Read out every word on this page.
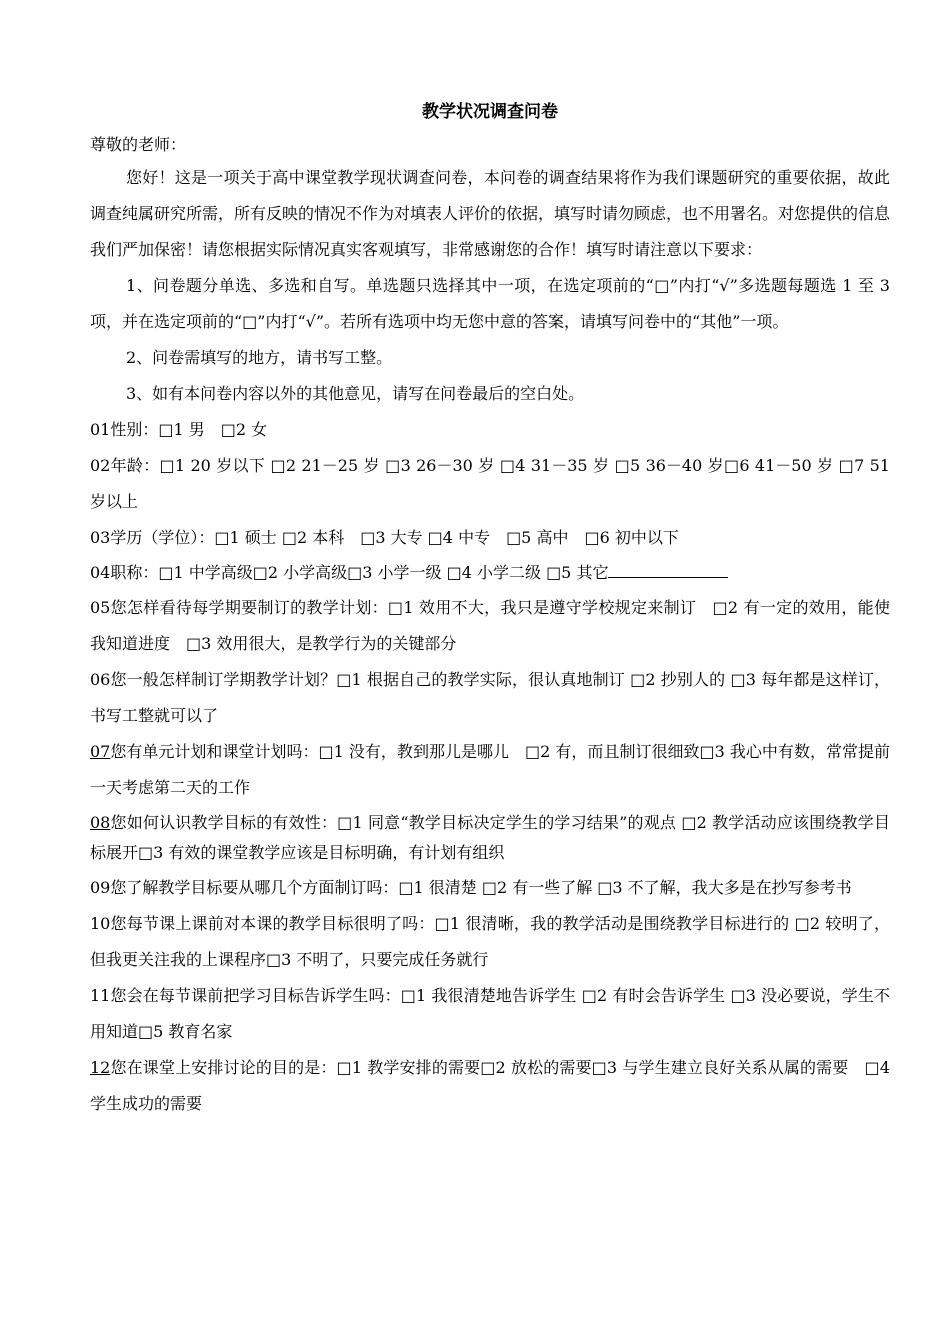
教学状况调查问卷

尊敬的老师：

您好！这是一项关于高中课堂教学现状调查问卷，本问卷的调查结果将作为我们课题研究的重要依据，故此调查纯属研究所需，所有反映的情况不作为对填表人评价的依据，填写时请勿顾虑，也不用署名。对您提供的信息我们严加保密！请您根据实际情况真实客观填写，非常感谢您的合作！填写时请注意以下要求：

1、问卷题分单选、多选和自写。单选题只选择其中一项，在选定项前的“□”内打“√”多选题每题选 1 至 3 项，并在选定项前的“□”内打“√”。若所有选项中均无您中意的答案，请填写问卷中的“其他”一项。

2、问卷需填写的地方，请书写工整。

3、如有本问卷内容以外的其他意见，请写在问卷最后的空白处。

01性别：□1 男　□2 女

02年龄：□1 20 岁以下 □2 21－25 岁 □3 26－30 岁 □4 31－35 岁 □5 36－40 岁□6 41－50 岁 □7 51 岁以上

03学历（学位）：□1 硕士 □2 本科　□3 大专 □4 中专　□5 高中　□6 初中以下

04职称：□1 中学高级□2 小学高级□3 小学一级 □4 小学二级 □5 其它

05您怎样看待每学期要制订的教学计划：□1 效用不大，我只是遵守学校规定来制订　□2 有一定的效用，能使我知道进度　□3 效用很大，是教学行为的关键部分

06您一般怎样制订学期教学计划？□1 根据自己的教学实际，很认真地制订 □2 抄别人的 □3 每年都是这样订，书写工整就可以了

07您有单元计划和课堂计划吗：□1 没有，教到那儿是哪儿　□2 有，而且制订很细致□3 我心中有数，常常提前一天考虑第二天的工作

08您如何认识教学目标的有效性：□1 同意“教学目标决定学生的学习结果”的观点 □2 教学活动应该围绕教学目标展开□3 有效的课堂教学应该是目标明确，有计划有组织

09您了解教学目标要从哪几个方面制订吗：□1 很清楚 □2 有一些了解 □3 不了解，我大多是在抄写参考书

10您每节课上课前对本课的教学目标很明了吗：□1 很清晰，我的教学活动是围绕教学目标进行的 □2 较明了，但我更关注我的上课程序□3 不明了，只要完成任务就行

11您会在每节课前把学习目标告诉学生吗：□1 我很清楚地告诉学生 □2 有时会告诉学生 □3 没必要说，学生不用知道□5 教育名家

12您在课堂上安排讨论的目的是：□1 教学安排的需要□2 放松的需要□3 与学生建立良好关系从属的需要　□4 学生成功的需要
